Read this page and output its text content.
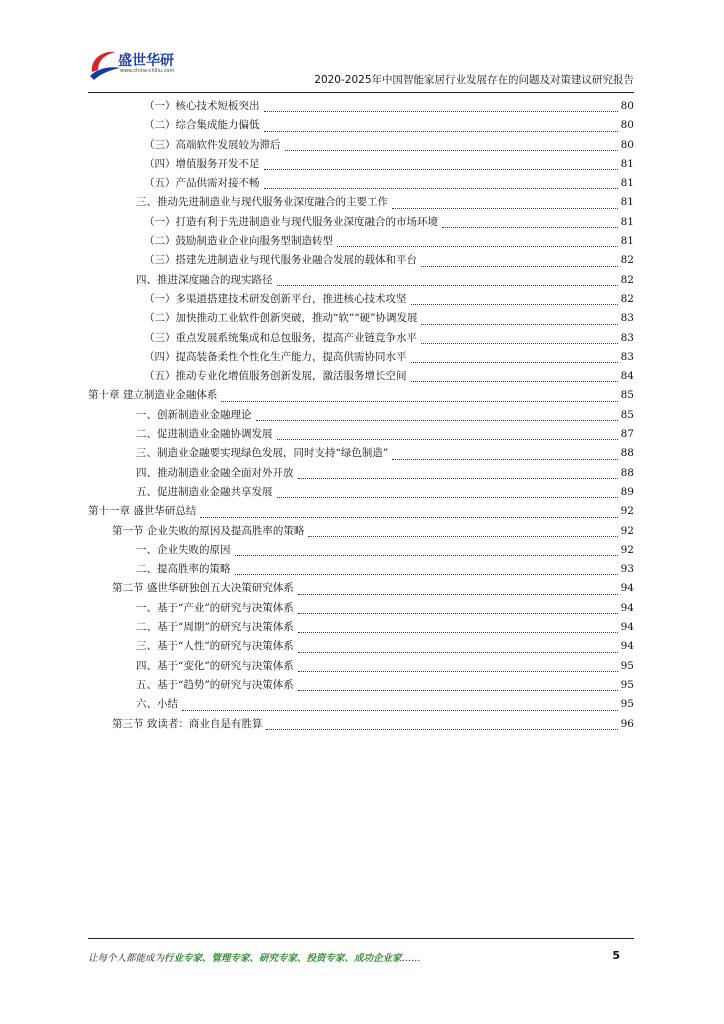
盛世华研
www.china-chiliu.com
2020-2025年中国智能家居行业发展存在的问题及对策建议研究报告
（一）核心技术短板突出	80
（二）综合集成能力偏低	80
（三）高端软件发展较为滞后	80
（四）增值服务开发不足	81
（五）产品供需对接不畅	81
三、推动先进制造业与现代服务业深度融合的主要工作	81
（一）打造有利于先进制造业与现代服务业深度融合的市场环境	81
（二）鼓励制造业企业向服务型制造转型	81
（三）搭建先进制造业与现代服务业融合发展的载体和平台	82
四、推进深度融合的现实路径	82
（一）多渠道搭建技术研发创新平台，推进核心技术攻坚	82
（二）加快推动工业软件创新突破，推动“软”“硬”协调发展	83
（三）重点发展系统集成和总包服务，提高产业链竞争水平	83
（四）提高装备柔性个性化生产能力，提高供需协同水平	83
（五）推动专业化增值服务创新发展，激活服务增长空间	84
第十章 建立制造业金融体系	85
一、创新制造业金融理论	85
二、促进制造业金融协调发展	87
三、制造业金融要实现绿色发展，同时支持“绿色制造”	88
四、推动制造业金融全面对外开放	88
五、促进制造业金融共享发展	89
第十一章 盛世华研总结	92
第一节 企业失败的原因及提高胜率的策略	92
一、企业失败的原因	92
二、提高胜率的策略	93
第二节 盛世华研独创五大决策研究体系	94
一、基于“产业”的研究与决策体系	94
二、基于“周期”的研究与决策体系	94
三、基于“人性”的研究与决策体系	94
四、基于“变化”的研究与决策体系	95
五、基于“趋势”的研究与决策体系	95
六、小结	95
第三节 致读者：商业自是有胜算	96
让每个人都能成为行业专家、管理专家、研究专家、投资专家、成功企业家……	5
